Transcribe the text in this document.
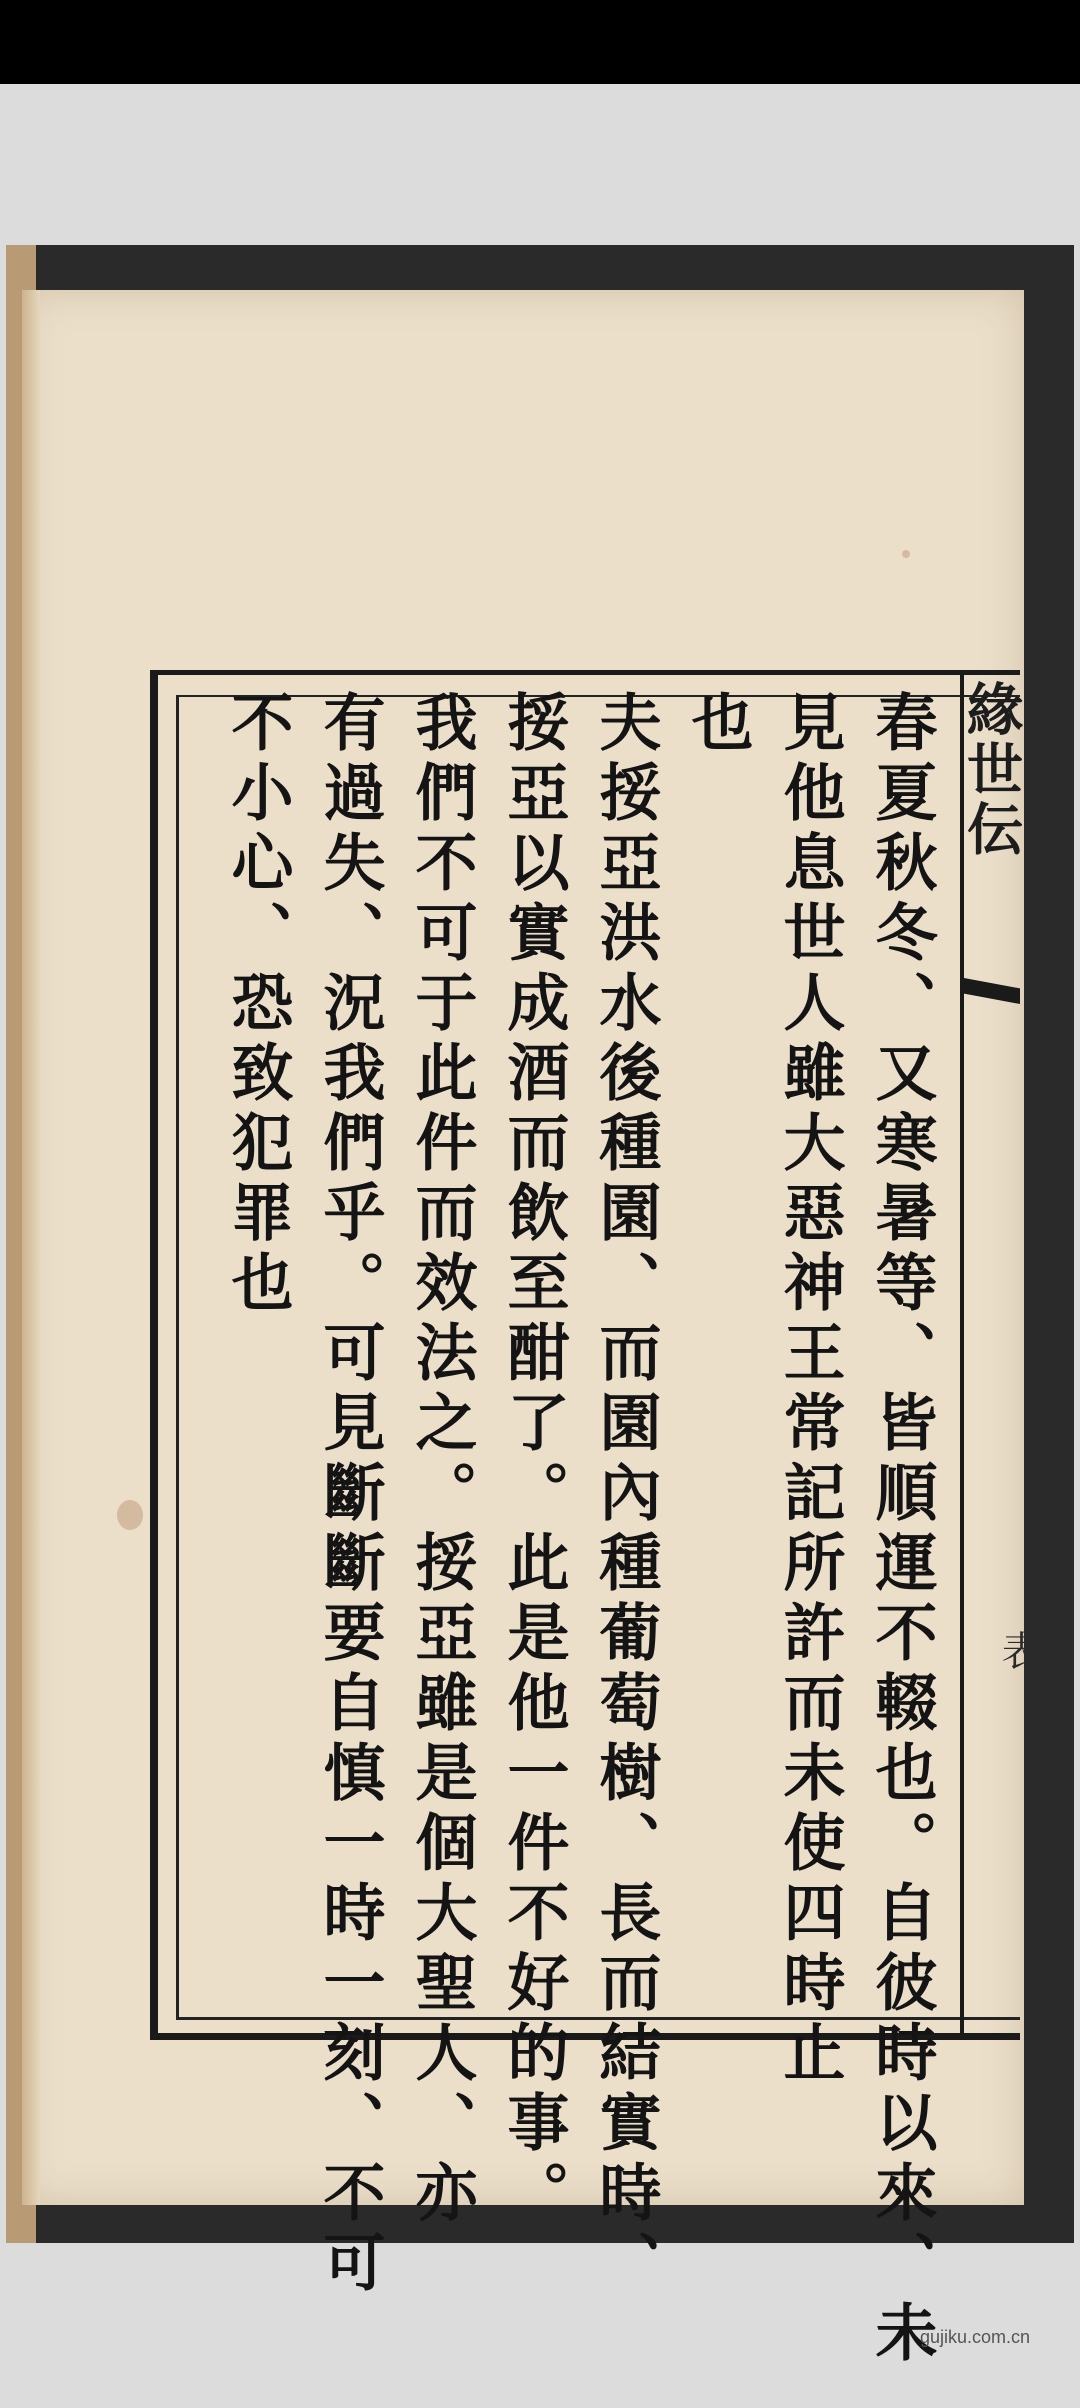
緣世伝
表
春夏秋冬、又寒暑等、皆順運不輟也。自彼時以來、未
見他息世人雖大惡神王常記所許而未使四時止
也
夫挼亞洪水後種園、而園內種葡萄樹、長而結實時、
挼亞以實成酒而飲至酣了。此是他一件不好的事。
我們不可于此件而效法之。挼亞雖是個大聖人、亦
有過失、況我們乎。可見斷斷要自慎一時一刻、不可
不小心、恐致犯罪也
gujiku.com.cn
